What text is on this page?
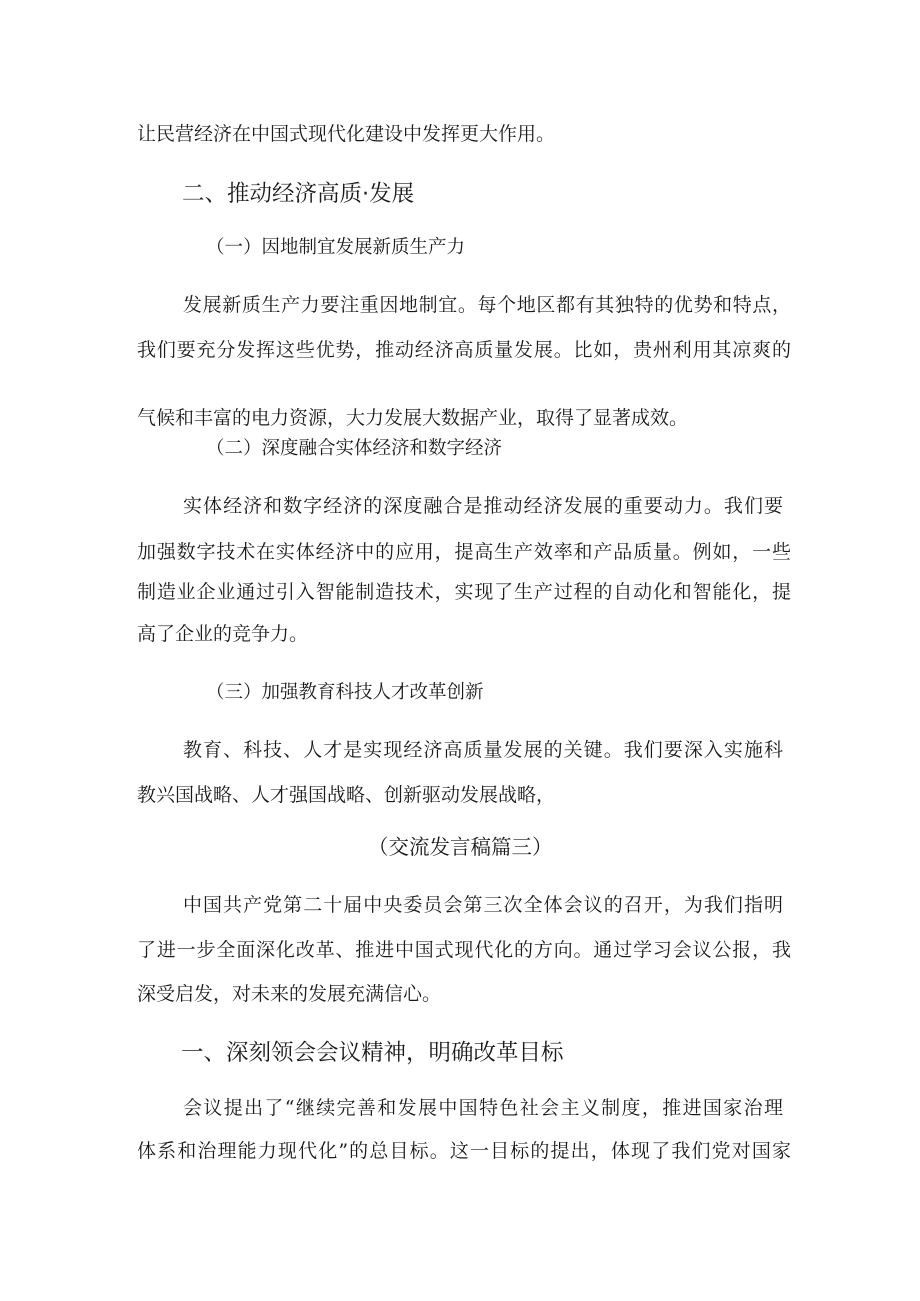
让民营经济在中国式现代化建设中发挥更大作用。
二、推动经济高质·发展
（一）因地制宜发展新质生产力
发展新质生产力要注重因地制宜。每个地区都有其独特的优势和特点，
我们要充分发挥这些优势，推动经济高质量发展。比如，贵州利用其凉爽的
气候和丰富的电力资源，大力发展大数据产业，取得了显著成效。
（二）深度融合实体经济和数字经济
实体经济和数字经济的深度融合是推动经济发展的重要动力。我们要
加强数字技术在实体经济中的应用，提高生产效率和产品质量。例如，一些
制造业企业通过引入智能制造技术，实现了生产过程的自动化和智能化，提
高了企业的竞争力。
（三）加强教育科技人才改革创新
教育、科技、人才是实现经济高质量发展的关键。我们要深入实施科
教兴国战略、人才强国战略、创新驱动发展战略，
（交流发言稿篇三）
中国共产党第二十届中央委员会第三次全体会议的召开，为我们指明
了进一步全面深化改革、推进中国式现代化的方向。通过学习会议公报，我
深受启发，对未来的发展充满信心。
一、深刻领会会议精神，明确改革目标
会议提出了“继续完善和发展中国特色社会主义制度，推进国家治理
体系和治理能力现代化”的总目标。这一目标的提出，体现了我们党对国家
